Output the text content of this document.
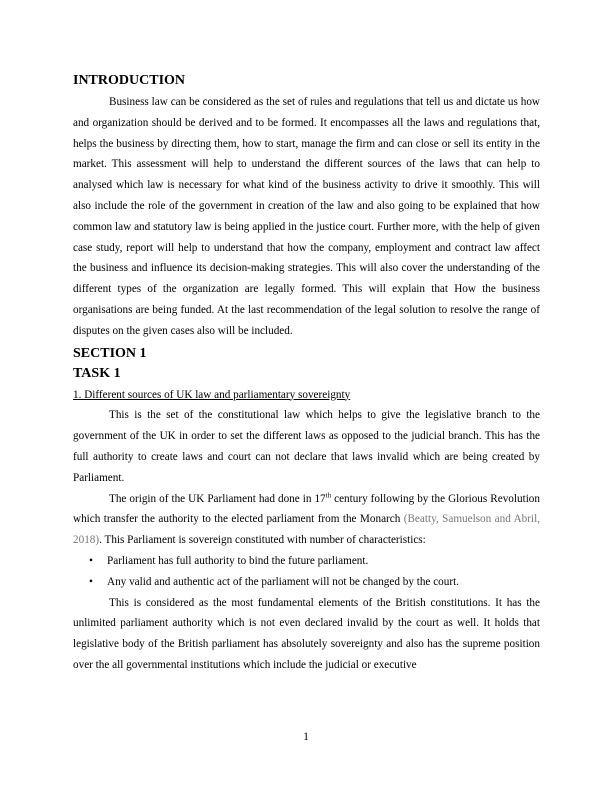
INTRODUCTION

Business law can be considered as the set of rules and regulations that tell us and dictate us how and organization should be derived and to be formed. It encompasses all the laws and regulations that, helps the business by directing them, how to start, manage the firm and can close or sell its entity in the market. This assessment will help to understand the different sources of the laws that can help to analysed which law is necessary for what kind of the business activity to drive it smoothly. This will also include the role of the government in creation of the law and also going to be explained that how common law and statutory law is being applied in the justice court. Further more, with the help of given case study, report will help to understand that how the company, employment and contract law affect the business and influence its decision-making strategies. This will also cover the understanding of the different types of the organization are legally formed. This will explain that How the business organisations are being funded. At the last recommendation of the legal solution to resolve the range of disputes on the given cases also will be included.

SECTION 1
TASK 1
1. Different sources of UK law and parliamentary sovereignty

This is the set of the constitutional law which helps to give the legislative branch to the government of the UK in order to set the different laws as opposed to the judicial branch. This has the full authority to create laws and court can not declare that laws invalid which are being created by Parliament.

The origin of the UK Parliament had done in 17th century following by the Glorious Revolution which transfer the authority to the elected parliament from the Monarch (Beatty, Samuelson and Abril, 2018). This Parliament is sovereign constituted with number of characteristics:

• Parliament has full authority to bind the future parliament.
• Any valid and authentic act of the parliament will not be changed by the court.

This is considered as the most fundamental elements of the British constitutions. It has the unlimited parliament authority which is not even declared invalid by the court as well. It holds that legislative body of the British parliament has absolutely sovereignty and also has the supreme position over the all governmental institutions which include the judicial or executive

1
